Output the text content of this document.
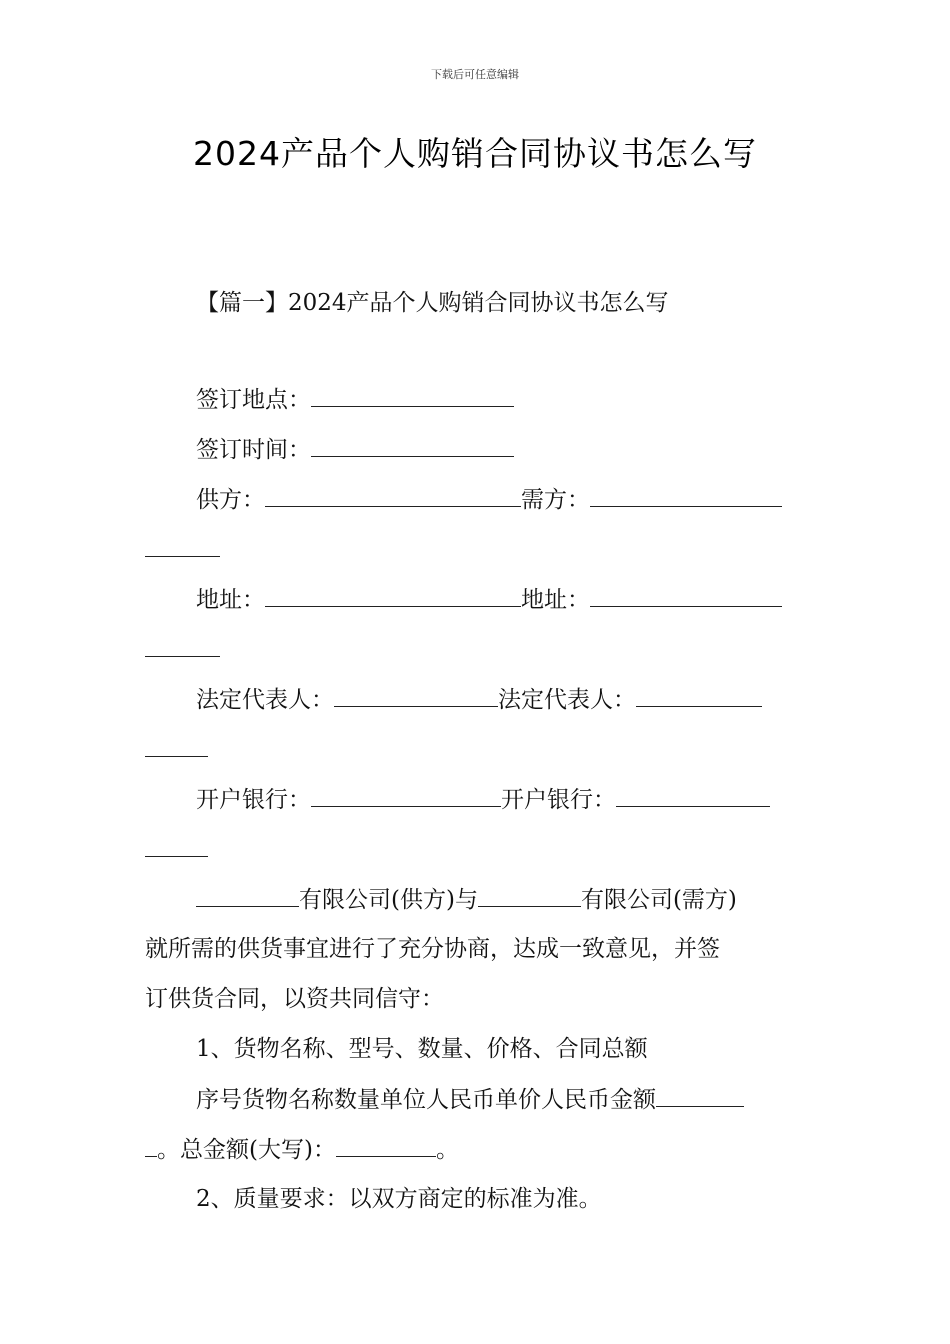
下载后可任意编辑
2024产品个人购销合同协议书怎么写
【篇一】2024产品个人购销合同协议书怎么写
签订地点：
签订时间：
供方：	需方：
地址：	地址：
法定代表人：	法定代表人：
开户银行：	开户银行：
有限公司(供方)与	有限公司(需方)
就所需的供货事宜进行了充分协商，达成一致意见，并签
订供货合同，以资共同信守：
1、货物名称、型号、数量、价格、合同总额
序号货物名称数量单位人民币单价人民币金额
。总金额(大写)：	。
2、质量要求：以双方商定的标准为准。
